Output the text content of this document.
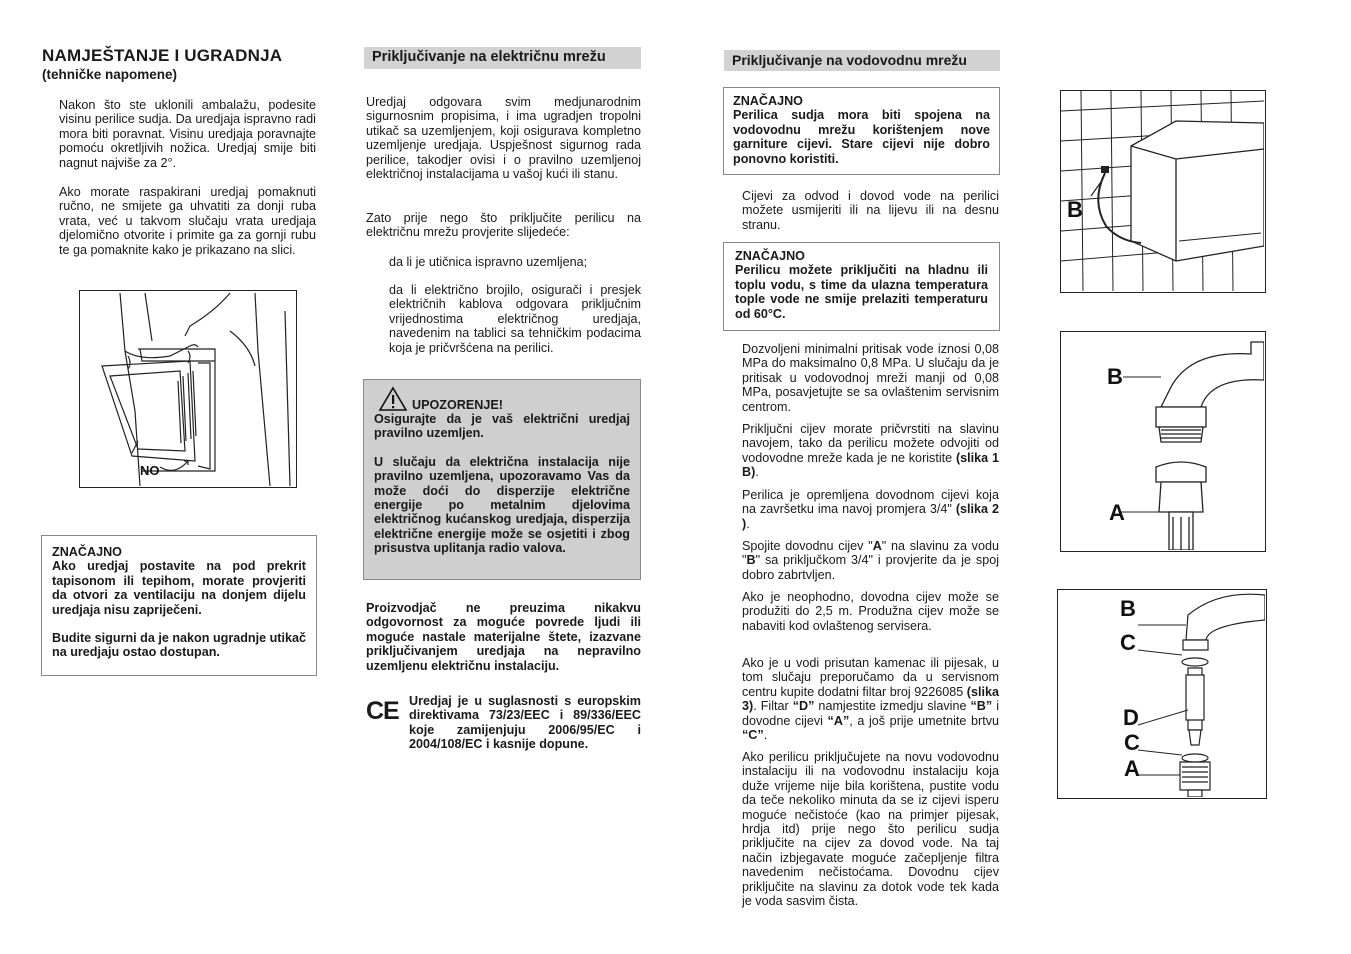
NAMJEŠTANJE I UGRADNJA
(tehničke napomene)

Nakon što ste uklonili ambalažu, podesite visinu perilice sudja. Da uredjaja ispravno radi mora biti poravnat. Visinu uredjaja poravnajte pomoću okretljivih nožica. Uredjaj smije biti nagnut najviše za 2°.

Ako morate raspakirani uredjaj pomaknuti ručno, ne smijete ga uhvatiti za donji ruba vrata, već u takvom slučaju vrata uredjaja djelomično otvorite i primite ga za gornji rubu te ga pomaknite kako je prikazano na slici.

NO
ZNAČAJNO

Ako uredjaj postavite na pod prekrit tapisonom ili tepihom, morate provjeriti da otvori za ventilaciju na donjem dijelu uredjaja nisu zapriječeni.

Budite sigurni da je nakon ugradnje utikač na uredjaju ostao dostupan.

Priključivanje na električnu mrežu

Uredjaj odgovara svim medjunarodnim sigurnosnim propisima, i ima ugradjen tropolni utikač sa uzemljenjem, koji osigurava kompletno uzemljenje uredjaja. Uspješnost sigurnog rada perilice, takodjer ovisi i o pravilno uzemljenoj električnoj instalacijama u vašoj kući ili stanu.

Zato prije nego što priključite perilicu na električnu mrežu provjerite slijedeće:

da li je utičnica ispravno uzemljena;

da li električno brojilo, osigurači i presjek električnih kablova odgovara priključnim vrijednostima električnog uredjaja, navedenim na tablici sa tehničkim podacima koja je pričvršćena na perilici.

UPOZORENJE!

Osigurajte da je vaš električni uredjaj pravilno uzemljen.

U slučaju da električna instalacija nije pravilno uzemljena, upozoravamo Vas da može doći do disperzije električne energije po metalnim djelovima električnog kućanskog uredjaja, disperzija električne energije može se osjetiti i zbog prisustva uplitanja radio valova.

Proizvodjač ne preuzima nikakvu odgovornost za moguće povrede ljudi ili moguće nastale materijalne štete, izazvane priključivanjem uredjaja na nepravilno uzemljenu električnu instalaciju.

CE Uredjaj je u suglasnosti s europskim direktivama 73/23/EEC i 89/336/EEC koje zamijenjuju 2006/95/EC i 2004/108/EC i kasnije dopune.

Priključivanje na vodovodnu mrežu
ZNAČAJNO

Perilica sudja mora biti spojena na vodovodnu mrežu korištenjem nove garniture cijevi. Stare cijevi nije dobro ponovno koristiti.

Cijevi za odvod i dovod vode na perilici možete usmijeriti ili na lijevu ili na desnu stranu.

ZNAČAJNO

Perilicu možete priključiti na hladnu ili toplu vodu, s time da ulazna temperatura tople vode ne smije prelaziti temperaturu od 60°C.

Dozvoljeni minimalni pritisak vode iznosi 0,08 MPa do maksimalno 0,8 MPa. U slučaju da je pritisak u vodovodnoj mreži manji od 0,08 MPa, posavjetujte se sa ovlaštenim servisnim centrom.

Priključni cijev morate pričvrstiti na slavinu navojem, tako da perilicu možete odvojiti od vodovodne mreže kada je ne koristite (slika 1 B).

Perilica je opremljena dovodnom cijevi koja na završetku ima navoj promjera 3/4" (slika 2 ).

Spojite dovodnu cijev "A" na slavinu za vodu "B" sa priključkom 3/4" i provjerite da je spoj dobro zabrtvljen.

Ako je neophodno, dovodna cijev može se produžiti do 2,5 m. Produžna cijev može se nabaviti kod ovlaštenog servisera.

Ako je u vodi prisutan kamenac ili pijesak, u tom slučaju preporučamo da u servisnom centru kupite dodatni filtar broj 9226085 (slika 3). Filtar “D” namjestite izmedju slavine “B” i dovodne cijevi “A”, a još prije umetnite brtvu “C”.

Ako perilicu priključujete na novu vodovodnu instalaciju ili na vodovodnu instalaciju koja duže vrijeme nije bila korištena, pustite vodu da teče nekoliko minuta da se iz cijevi isperu moguće nečistoće (kao na primjer pijesak, hrdja itd) prije nego što perilicu sudja priključite na cijev za dovod vode. Na taj način izbjegavate moguće začepljenje filtra navedenim nečistoćama. Dovodnu cijev priključite na slavinu za dotok vode tek kada je voda sasvim čista.

B
B
A
B
C
D
C
A
